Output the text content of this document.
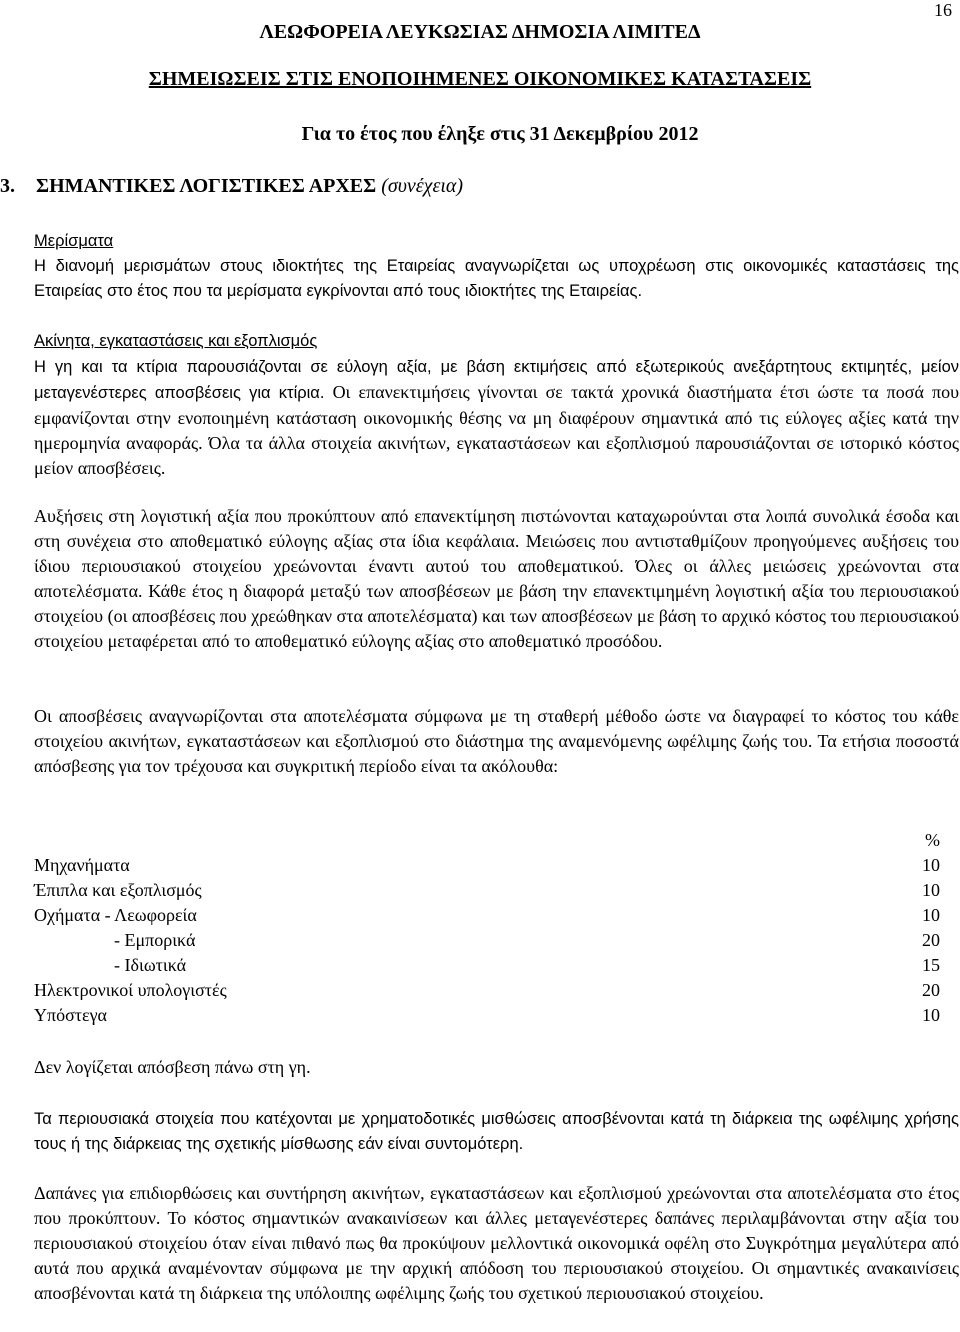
16
ΛΕΩΦΟΡΕΙΑ ΛΕΥΚΩΣΙΑΣ ΔΗΜΟΣΙΑ ΛΙΜΙΤΕΔ
ΣΗΜΕΙΩΣΕΙΣ ΣΤΙΣ ΕΝΟΠΟΙΗΜΕΝΕΣ ΟΙΚΟΝΟΜΙΚΕΣ ΚΑΤΑΣΤΑΣΕΙΣ
Για το έτος που έληξε στις 31 Δεκεμβρίου 2012
3. ΣΗΜΑΝΤΙΚΕΣ ΛΟΓΙΣΤΙΚΕΣ ΑΡΧΕΣ (συνέχεια)
Μερίσματα
Η διανομή μερισμάτων στους ιδιοκτήτες της Εταιρείας αναγνωρίζεται ως υποχρέωση στις οικονομικές καταστάσεις της Εταιρείας στο έτος που τα μερίσματα εγκρίνονται από τους ιδιοκτήτες της Εταιρείας.
Ακίνητα, εγκαταστάσεις και εξοπλισμός
Η γη και τα κτίρια παρουσιάζονται σε εύλογη αξία, με βάση εκτιμήσεις από εξωτερικούς ανεξάρτητους εκτιμητές, μείον μεταγενέστερες αποσβέσεις για κτίρια. Οι επανεκτιμήσεις γίνονται σε τακτά χρονικά διαστήματα έτσι ώστε τα ποσά που εμφανίζονται στην ενοποιημένη κατάσταση οικονομικής θέσης να μη διαφέρουν σημαντικά από τις εύλογες αξίες κατά την ημερομηνία αναφοράς. Όλα τα άλλα στοιχεία ακινήτων, εγκαταστάσεων και εξοπλισμού παρουσιάζονται σε ιστορικό κόστος μείον αποσβέσεις.
Αυξήσεις στη λογιστική αξία που προκύπτουν από επανεκτίμηση πιστώνονται καταχωρούνται στα λοιπά συνολικά έσοδα και στη συνέχεια στο αποθεματικό εύλογης αξίας στα ίδια κεφάλαια. Μειώσεις που αντισταθμίζουν προηγούμενες αυξήσεις του ίδιου περιουσιακού στοιχείου χρεώνονται έναντι αυτού του αποθεματικού. Όλες οι άλλες μειώσεις χρεώνονται στα αποτελέσματα. Κάθε έτος η διαφορά μεταξύ των αποσβέσεων με βάση την επανεκτιμημένη λογιστική αξία του περιουσιακού στοιχείου (οι αποσβέσεις που χρεώθηκαν στα αποτελέσματα) και των αποσβέσεων με βάση το αρχικό κόστος του περιουσιακού στοιχείου μεταφέρεται από το αποθεματικό εύλογης αξίας στο αποθεματικό προσόδου.
Οι αποσβέσεις αναγνωρίζονται στα αποτελέσματα σύμφωνα με τη σταθερή μέθοδο ώστε να διαγραφεί το κόστος του κάθε στοιχείου ακινήτων, εγκαταστάσεων και εξοπλισμού στο διάστημα της αναμενόμενης ωφέλιμης ζωής του. Τα ετήσια ποσοστά απόσβεσης για τον τρέχουσα και συγκριτική περίοδο είναι τα ακόλουθα:
	%
Μηχανήματα	10
Έπιπλα και εξοπλισμός	10
Οχήματα - Λεωφορεία	10
- Εμπορικά	20
- Ιδιωτικά	15
Ηλεκτρονικοί υπολογιστές	20
Υπόστεγα	10
Δεν λογίζεται απόσβεση πάνω στη γη.
Τα περιουσιακά στοιχεία που κατέχονται με χρηματοδοτικές μισθώσεις αποσβένονται κατά τη διάρκεια της ωφέλιμης χρήσης τους ή της διάρκειας της σχετικής μίσθωσης εάν είναι συντομότερη.
Δαπάνες για επιδιορθώσεις και συντήρηση ακινήτων, εγκαταστάσεων και εξοπλισμού χρεώνονται στα αποτελέσματα στο έτος που προκύπτουν. Το κόστος σημαντικών ανακαινίσεων και άλλες μεταγενέστερες δαπάνες περιλαμβάνονται στην αξία του περιουσιακού στοιχείου όταν είναι πιθανό πως θα προκύψουν μελλοντικά οικονομικά οφέλη στο Συγκρότημα μεγαλύτερα από αυτά που αρχικά αναμένονταν σύμφωνα με την αρχική απόδοση του περιουσιακού στοιχείου. Οι σημαντικές ανακαινίσεις αποσβένονται κατά τη διάρκεια της υπόλοιπης ωφέλιμης ζωής του σχετικού περιουσιακού στοιχείου.
